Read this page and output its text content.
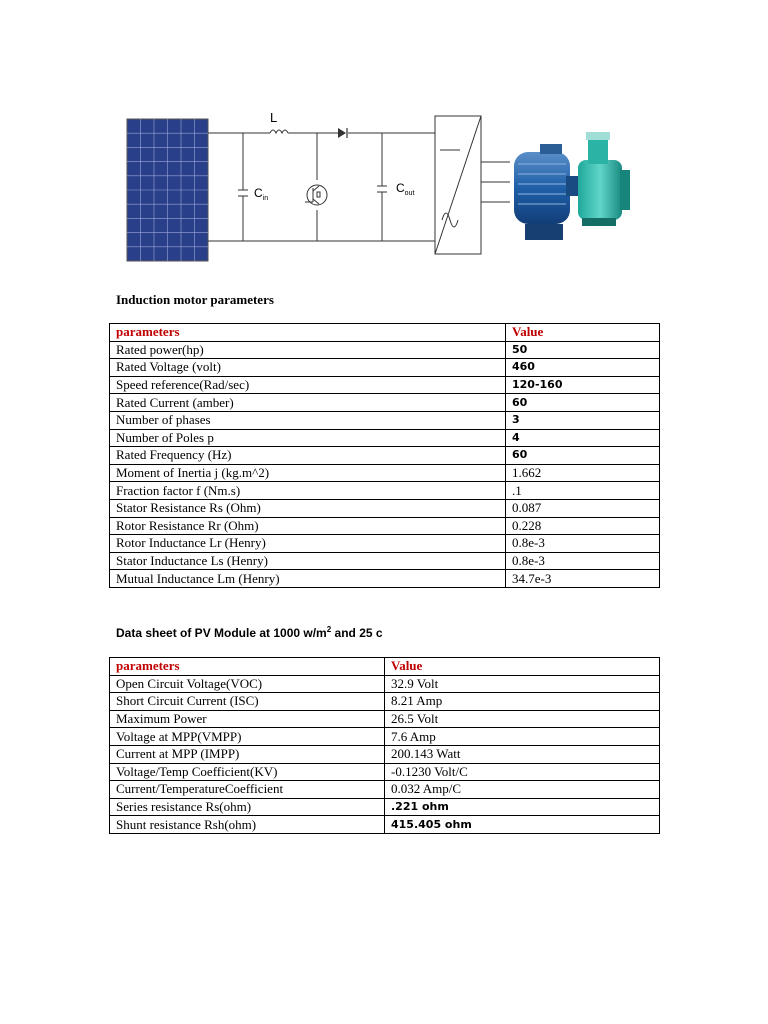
L
$C_{in}$
$C_{out}$
Induction motor parameters
parameters	Value
Rated power(hp)	50
Rated Voltage (volt)	460
Speed reference(Rad/sec)	120-160
Rated Current (amber)	60
Number of phases	3
Number of Poles p	4
Rated Frequency (Hz)	60
Moment of Inertia j (kg.m^2)	1.662
Fraction factor f (Nm.s)	.1
Stator Resistance Rs (Ohm)	0.087
Rotor Resistance Rr (Ohm)	0.228
Rotor Inductance Lr (Henry)	0.8e-3
Stator Inductance Ls (Henry)	0.8e-3
Mutual Inductance Lm (Henry)	34.7e-3
Data sheet of PV Module at 1000 $w/m^2$ and 25 c
parameters	Value
Open Circuit Voltage(VOC)	32.9 Volt
Short Circuit Current (ISC)	8.21 Amp
Maximum Power	26.5 Volt
Voltage at MPP(VMPP)	7.6 Amp
Current at MPP (IMPP)	200.143 Watt
Voltage/Temp Coefficient(KV)	-0.1230 Volt/C
Current/TemperatureCoefficient	0.032 Amp/C
Series resistance Rs(ohm)	.221 ohm
Shunt resistance Rsh(ohm)	415.405 ohm
